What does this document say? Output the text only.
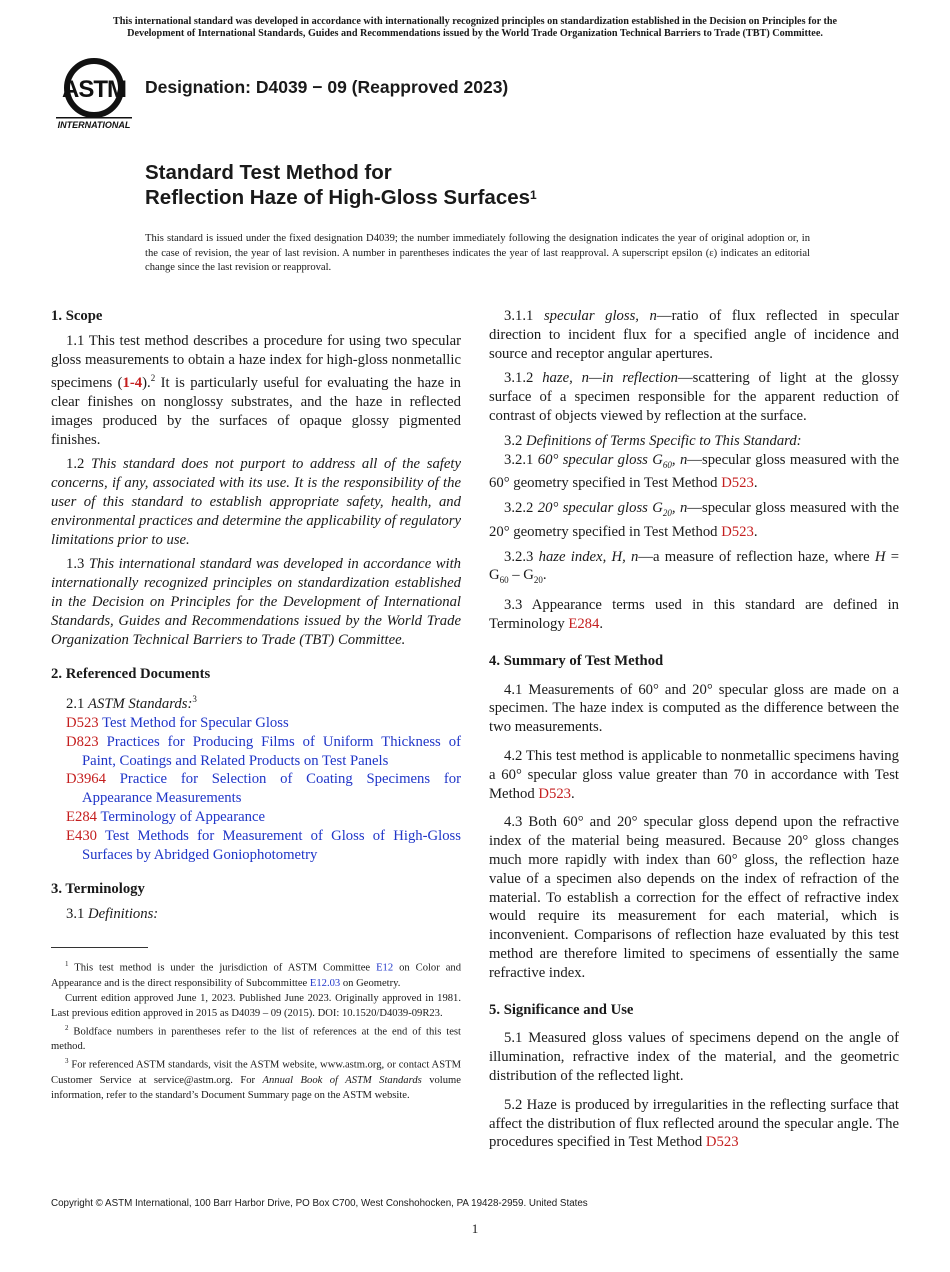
This international standard was developed in accordance with internationally recognized principles on standardization established in the Decision on Principles for the
Development of International Standards, Guides and Recommendations issued by the World Trade Organization Technical Barriers to Trade (TBT) Committee.
ASTM
INTERNATIONAL
Designation: D4039 − 09 (Reapproved 2023)
Standard Test Method for
Reflection Haze of High-Gloss Surfaces$^1$
This standard is issued under the fixed designation D4039; the number immediately following the designation indicates the year of original adoption or, in the case of revision, the year of last revision. A number in parentheses indicates the year of last reapproval. A superscript epsilon (ε) indicates an editorial change since the last revision or reapproval.
1. Scope

1.1 This test method describes a procedure for using two specular gloss measurements to obtain a haze index for high-gloss nonmetallic specimens (1-4).$^2$ It is particularly useful for evaluating the haze in clear finishes on nonglossy substrates, and the haze in reflected images produced by the surfaces of opaque glossy pigmented finishes.

1.2 This standard does not purport to address all of the safety concerns, if any, associated with its use. It is the responsibility of the user of this standard to establish appropriate safety, health, and environmental practices and determine the applicability of regulatory limitations prior to use.

1.3 This international standard was developed in accordance with internationally recognized principles on standardization established in the Decision on Principles for the Development of International Standards, Guides and Recommendations issued by the World Trade Organization Technical Barriers to Trade (TBT) Committee.

2. Referenced Documents

2.1 ASTM Standards:$^3$

D523 Test Method for Specular Gloss

D823 Practices for Producing Films of Uniform Thickness of Paint, Coatings and Related Products on Test Panels

D3964 Practice for Selection of Coating Specimens for Appearance Measurements

E284 Terminology of Appearance

E430 Test Methods for Measurement of Gloss of High-Gloss Surfaces by Abridged Goniophotometry

3. Terminology

3.1 Definitions:

$^1$ This test method is under the jurisdiction of ASTM Committee E12 on Color and Appearance and is the direct responsibility of Subcommittee E12.03 on Geometry.

Current edition approved June 1, 2023. Published June 2023. Originally approved in 1981. Last previous edition approved in 2015 as D4039 – 09 (2015). DOI: 10.1520/D4039-09R23.

$^2$ Boldface numbers in parentheses refer to the list of references at the end of this test method.

$^3$ For referenced ASTM standards, visit the ASTM website, www.astm.org, or contact ASTM Customer Service at service@astm.org. For Annual Book of ASTM Standards volume information, refer to the standard’s Document Summary page on the ASTM website.

3.1.1 specular gloss, n—ratio of flux reflected in specular direction to incident flux for a specified angle of incidence and source and receptor angular apertures.

3.1.2 haze, n—in reflection—scattering of light at the glossy surface of a specimen responsible for the apparent reduction of contrast of objects viewed by reflection at the surface.

3.2 Definitions of Terms Specific to This Standard:

3.2.1 60° specular gloss $G_{60}$, n—specular gloss measured with the 60° geometry specified in Test Method D523.

3.2.2 20° specular gloss $G_{20}$, n—specular gloss measured with the 20° geometry specified in Test Method D523.

3.2.3 haze index, H, n—a measure of reflection haze, where $H = G_{60} - G_{20}$.

3.3 Appearance terms used in this standard are defined in Terminology E284.

4. Summary of Test Method

4.1 Measurements of 60° and 20° specular gloss are made on a specimen. The haze index is computed as the difference between the two measurements.

4.2 This test method is applicable to nonmetallic specimens having a 60° specular gloss value greater than 70 in accordance with Test Method D523.

4.3 Both 60° and 20° specular gloss depend upon the refractive index of the material being measured. Because 20° gloss changes much more rapidly with index than 60° gloss, the reflection haze value of a specimen also depends on the index of refraction of the material. To establish a correction for the effect of refractive index would require its measurement for each material, which is inconvenient. Comparisons of reflection haze evaluated by this test method are therefore limited to specimens of essentially the same refractive index.

5. Significance and Use

5.1 Measured gloss values of specimens depend on the angle of illumination, refractive index of the material, and the geometric distribution of the reflected light.

5.2 Haze is produced by irregularities in the reflecting surface that affect the distribution of flux reflected around the specular angle. The procedures specified in Test Method D523

Copyright © ASTM International, 100 Barr Harbor Drive, PO Box C700, West Conshohocken, PA 19428-2959. United States
1
